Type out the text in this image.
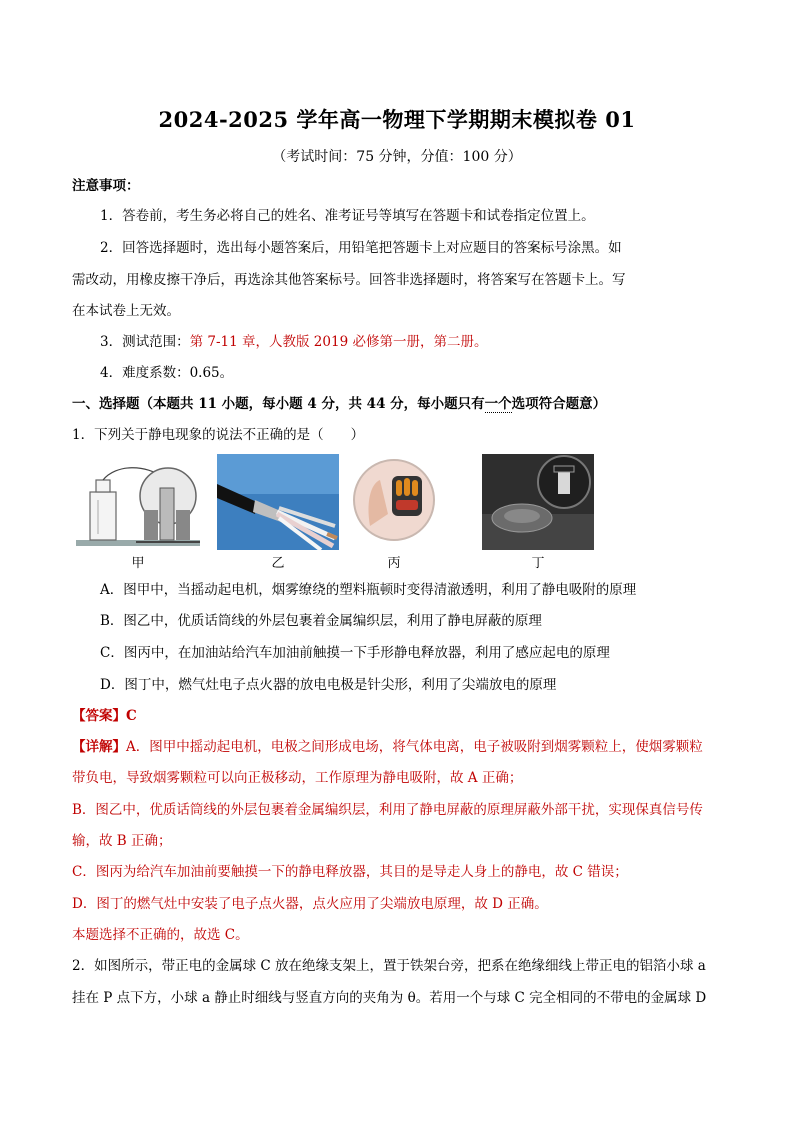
2024-2025 学年高一物理下学期期末模拟卷 01
（考试时间：75 分钟，分值：100 分）
注意事项：
1．答卷前，考生务必将自己的姓名、准考证号等填写在答题卡和试卷指定位置上。
2．回答选择题时，选出每小题答案后，用铅笔把答题卡上对应题目的答案标号涂黑。如
需改动，用橡皮擦干净后，再选涂其他答案标号。回答非选择题时，将答案写在答题卡上。写
在本试卷上无效。
3．测试范围：第 7-11 章，人教版 2019 必修第一册，第二册。
4．难度系数：0.65。
一、选择题（本题共 11 小题，每小题 4 分，共 44 分，每小题只有一个选项符合题意）
1．下列关于静电现象的说法不正确的是（　　）
甲	乙	丙	丁
A．图甲中，当摇动起电机，烟雾缭绕的塑料瓶顿时变得清澈透明，利用了静电吸附的原理
B．图乙中，优质话筒线的外层包裹着金属编织层，利用了静电屏蔽的原理
C．图丙中，在加油站给汽车加油前触摸一下手形静电释放器，利用了感应起电的原理
D．图丁中，燃气灶电子点火器的放电电极是针尖形，利用了尖端放电的原理
【答案】C
【详解】A．图甲中摇动起电机，电极之间形成电场，将气体电离，电子被吸附到烟雾颗粒上，使烟雾颗粒
带负电，导致烟雾颗粒可以向正极移动，工作原理为静电吸附，故 A 正确；
B．图乙中，优质话筒线的外层包裹着金属编织层，利用了静电屏蔽的原理屏蔽外部干扰，实现保真信号传
输，故 B 正确；
C．图丙为给汽车加油前要触摸一下的静电释放器，其目的是导走人身上的静电，故 C 错误；
D．图丁的燃气灶中安装了电子点火器，点火应用了尖端放电原理，故 D 正确。
本题选择不正确的，故选 C。
2．如图所示，带正电的金属球 C 放在绝缘支架上，置于铁架台旁，把系在绝缘细线上带正电的铝箔小球 a
挂在 P 点下方，小球 a 静止时细线与竖直方向的夹角为 θ。若用一个与球 C 完全相同的不带电的金属球 D
